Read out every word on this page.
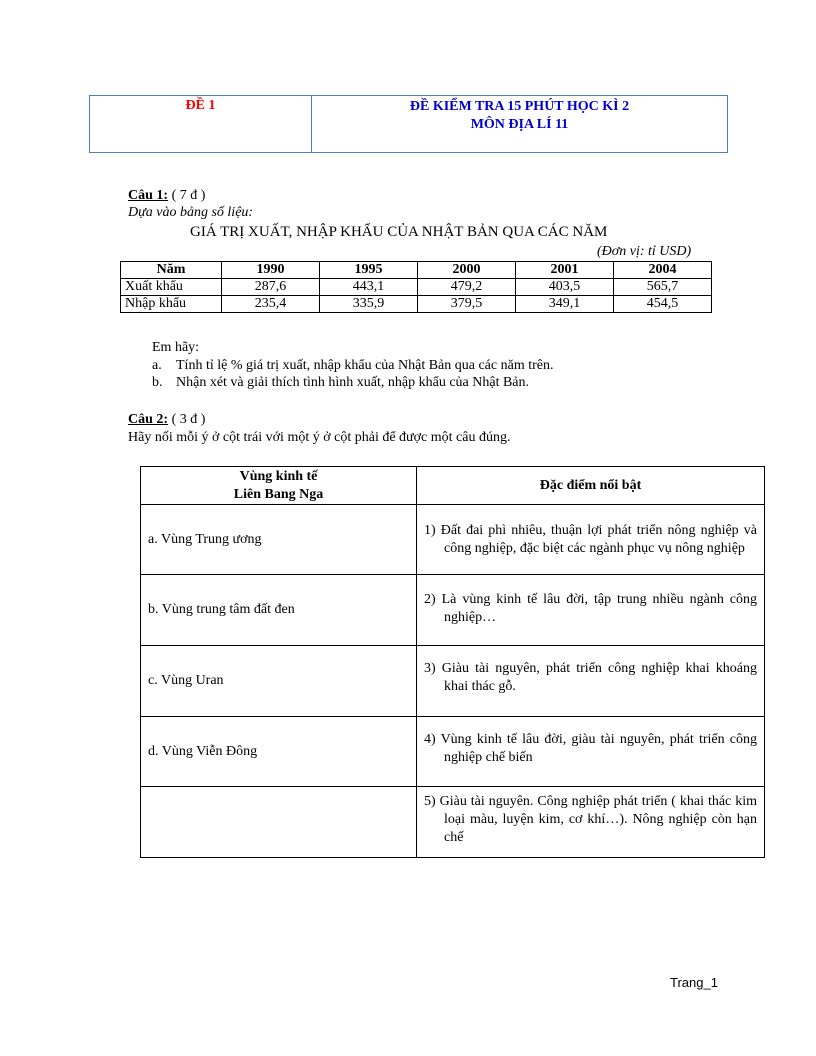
ĐỀ 1	ĐỀ KIỂM TRA 15 PHÚT HỌC KÌ 2
MÔN ĐỊA LÍ 11
Câu 1: ( 7 đ )
Dựa vào bảng số liệu:
GIÁ TRỊ XUẤT, NHẬP KHẨU CỦA NHẬT BẢN QUA CÁC NĂM
(Đơn vị: tỉ USD)
Năm	1990	1995	2000	2001	2004
Xuất khẩu	287,6	443,1	479,2	403,5	565,7
Nhập khẩu	235,4	335,9	379,5	349,1	454,5
Em hãy:
a. Tính tỉ lệ % giá trị xuất, nhập khẩu của Nhật Bản qua các năm trên.
b. Nhận xét và giải thích tình hình xuất, nhập khẩu của Nhật Bản.
Câu 2: ( 3 đ )
Hãy nối mỗi ý ở cột trái với một ý ở cột phải để được một câu đúng.
Vùng kinh tế
Liên Bang Nga	Đặc điểm nổi bật
a. Vùng Trung ương	1) Đất đai phì nhiêu, thuận lợi phát triển nông nghiệp và công nghiệp, đặc biệt các ngành phục vụ nông nghiệp

b. Vùng trung tâm đất đen	2) Là vùng kinh tế lâu đời, tập trung nhiều ngành công nghiệp…

c. Vùng Uran	3) Giàu tài nguyên, phát triển công nghiệp khai khoáng khai thác gỗ.

d. Vùng Viễn Đông	4) Vùng kinh tế lâu đời, giàu tài nguyên, phát triển công nghiệp chế biến

	5) Giàu tài nguyên. Công nghiệp phát triển ( khai thác kim loại màu, luyện kim, cơ khí…). Nông nghiệp còn hạn chế

Trang_1
